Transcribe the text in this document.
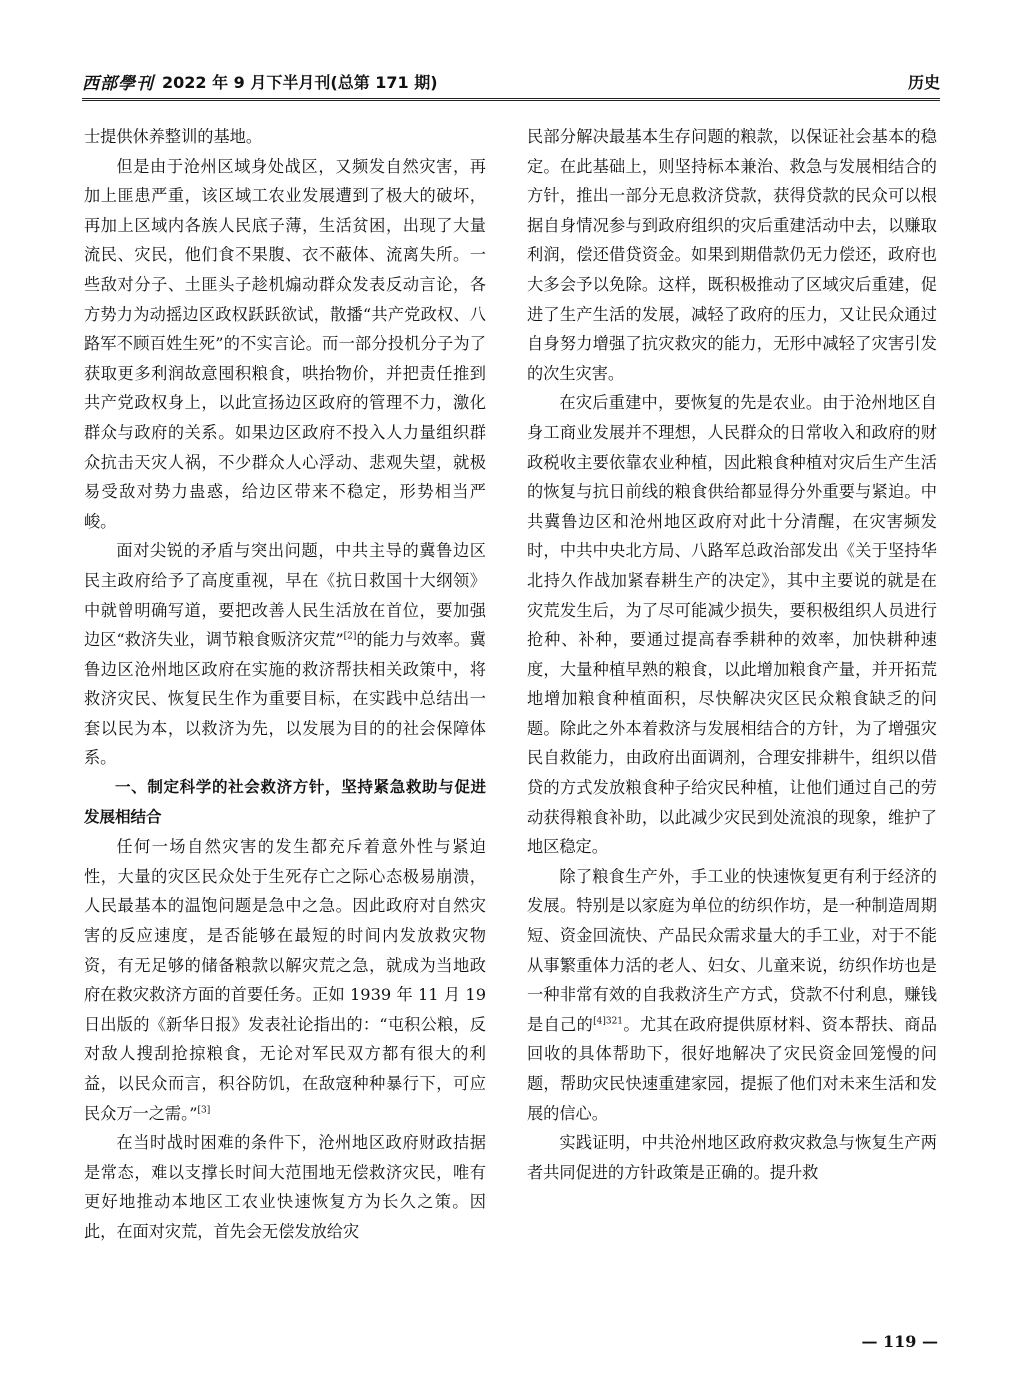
西部學刊 2022 年 9 月下半月刊(总第 171 期)	历史

士提供休养整训的基地。

但是由于沧州区域身处战区，又频发自然灾害，再加上匪患严重，该区域工农业发展遭到了极大的破坏，再加上区域内各族人民底子薄，生活贫困，出现了大量流民、灾民，他们食不果腹、衣不蔽体、流离失所。一些敌对分子、土匪头子趁机煽动群众发表反动言论，各方势力为动摇边区政权跃跃欲试，散播“共产党政权、八路军不顾百姓生死”的不实言论。而一部分投机分子为了获取更多利润故意囤积粮食，哄抬物价，并把责任推到共产党政权身上，以此宣扬边区政府的管理不力，激化群众与政府的关系。如果边区政府不投入人力量组织群众抗击天灾人祸，不少群众人心浮动、悲观失望，就极易受敌对势力蛊惑，给边区带来不稳定，形势相当严峻。

面对尖锐的矛盾与突出问题，中共主导的冀鲁边区民主政府给予了高度重视，早在《抗日救国十大纲领》中就曾明确写道，要把改善人民生活放在首位，要加强边区“救济失业，调节粮食贩济灾荒”[2]的能力与效率。冀鲁边区沧州地区政府在实施的救济帮扶相关政策中，将救济灾民、恢复民生作为重要目标，在实践中总结出一套以民为本，以救济为先，以发展为目的的社会保障体系。

一、制定科学的社会救济方针，坚持紧急救助与促进发展相结合

任何一场自然灾害的发生都充斥着意外性与紧迫性，大量的灾区民众处于生死存亡之际心态极易崩溃，人民最基本的温饱问题是急中之急。因此政府对自然灾害的反应速度，是否能够在最短的时间内发放救灾物资，有无足够的储备粮款以解灾荒之急，就成为当地政府在救灾救济方面的首要任务。正如 1939 年 11 月 19 日出版的《新华日报》发表社论指出的：“屯积公粮，反对敌人搜刮抢掠粮食，无论对军民双方都有很大的利益，以民众而言，积谷防饥，在敌寇种种暴行下，可应民众万一之需。”[3]

在当时战时困难的条件下，沧州地区政府财政拮据是常态，难以支撑长时间大范围地无偿救济灾民，唯有更好地推动本地区工农业快速恢复方为长久之策。因此，在面对灾荒，首先会无偿发放给灾

民部分解决最基本生存问题的粮款，以保证社会基本的稳定。在此基础上，则坚持标本兼治、救急与发展相结合的方针，推出一部分无息救济贷款，获得贷款的民众可以根据自身情况参与到政府组织的灾后重建活动中去，以赚取利润，偿还借贷资金。如果到期借款仍无力偿还，政府也大多会予以免除。这样，既积极推动了区域灾后重建，促进了生产生活的发展，减轻了政府的压力，又让民众通过自身努力增强了抗灾救灾的能力，无形中减轻了灾害引发的次生灾害。

在灾后重建中，要恢复的先是农业。由于沧州地区自身工商业发展并不理想，人民群众的日常收入和政府的财政税收主要依靠农业种植，因此粮食种植对灾后生产生活的恢复与抗日前线的粮食供给都显得分外重要与紧迫。中共冀鲁边区和沧州地区政府对此十分清醒，在灾害频发时，中共中央北方局、八路军总政治部发出《关于坚持华北持久作战加紧春耕生产的决定》，其中主要说的就是在灾荒发生后，为了尽可能减少损失，要积极组织人员进行抢种、补种，要通过提高春季耕种的效率，加快耕种速度，大量种植早熟的粮食，以此增加粮食产量，并开拓荒地增加粮食种植面积，尽快解决灾区民众粮食缺乏的问题。除此之外本着救济与发展相结合的方针，为了增强灾民自救能力，由政府出面调剂，合理安排耕牛，组织以借贷的方式发放粮食种子给灾民种植，让他们通过自己的劳动获得粮食补助，以此减少灾民到处流浪的现象，维护了地区稳定。

除了粮食生产外，手工业的快速恢复更有利于经济的发展。特别是以家庭为单位的纺织作坊，是一种制造周期短、资金回流快、产品民众需求量大的手工业，对于不能从事繁重体力活的老人、妇女、儿童来说，纺织作坊也是一种非常有效的自我救济生产方式，贷款不付利息，赚钱是自己的$^{[4]321}$。尤其在政府提供原材料、资本帮扶、商品回收的具体帮助下，很好地解决了灾民资金回笼慢的问题，帮助灾民快速重建家园，提振了他们对未来生活和发展的信心。

实践证明，中共沧州地区政府救灾救急与恢复生产两者共同促进的方针政策是正确的。提升救

— 119 —
